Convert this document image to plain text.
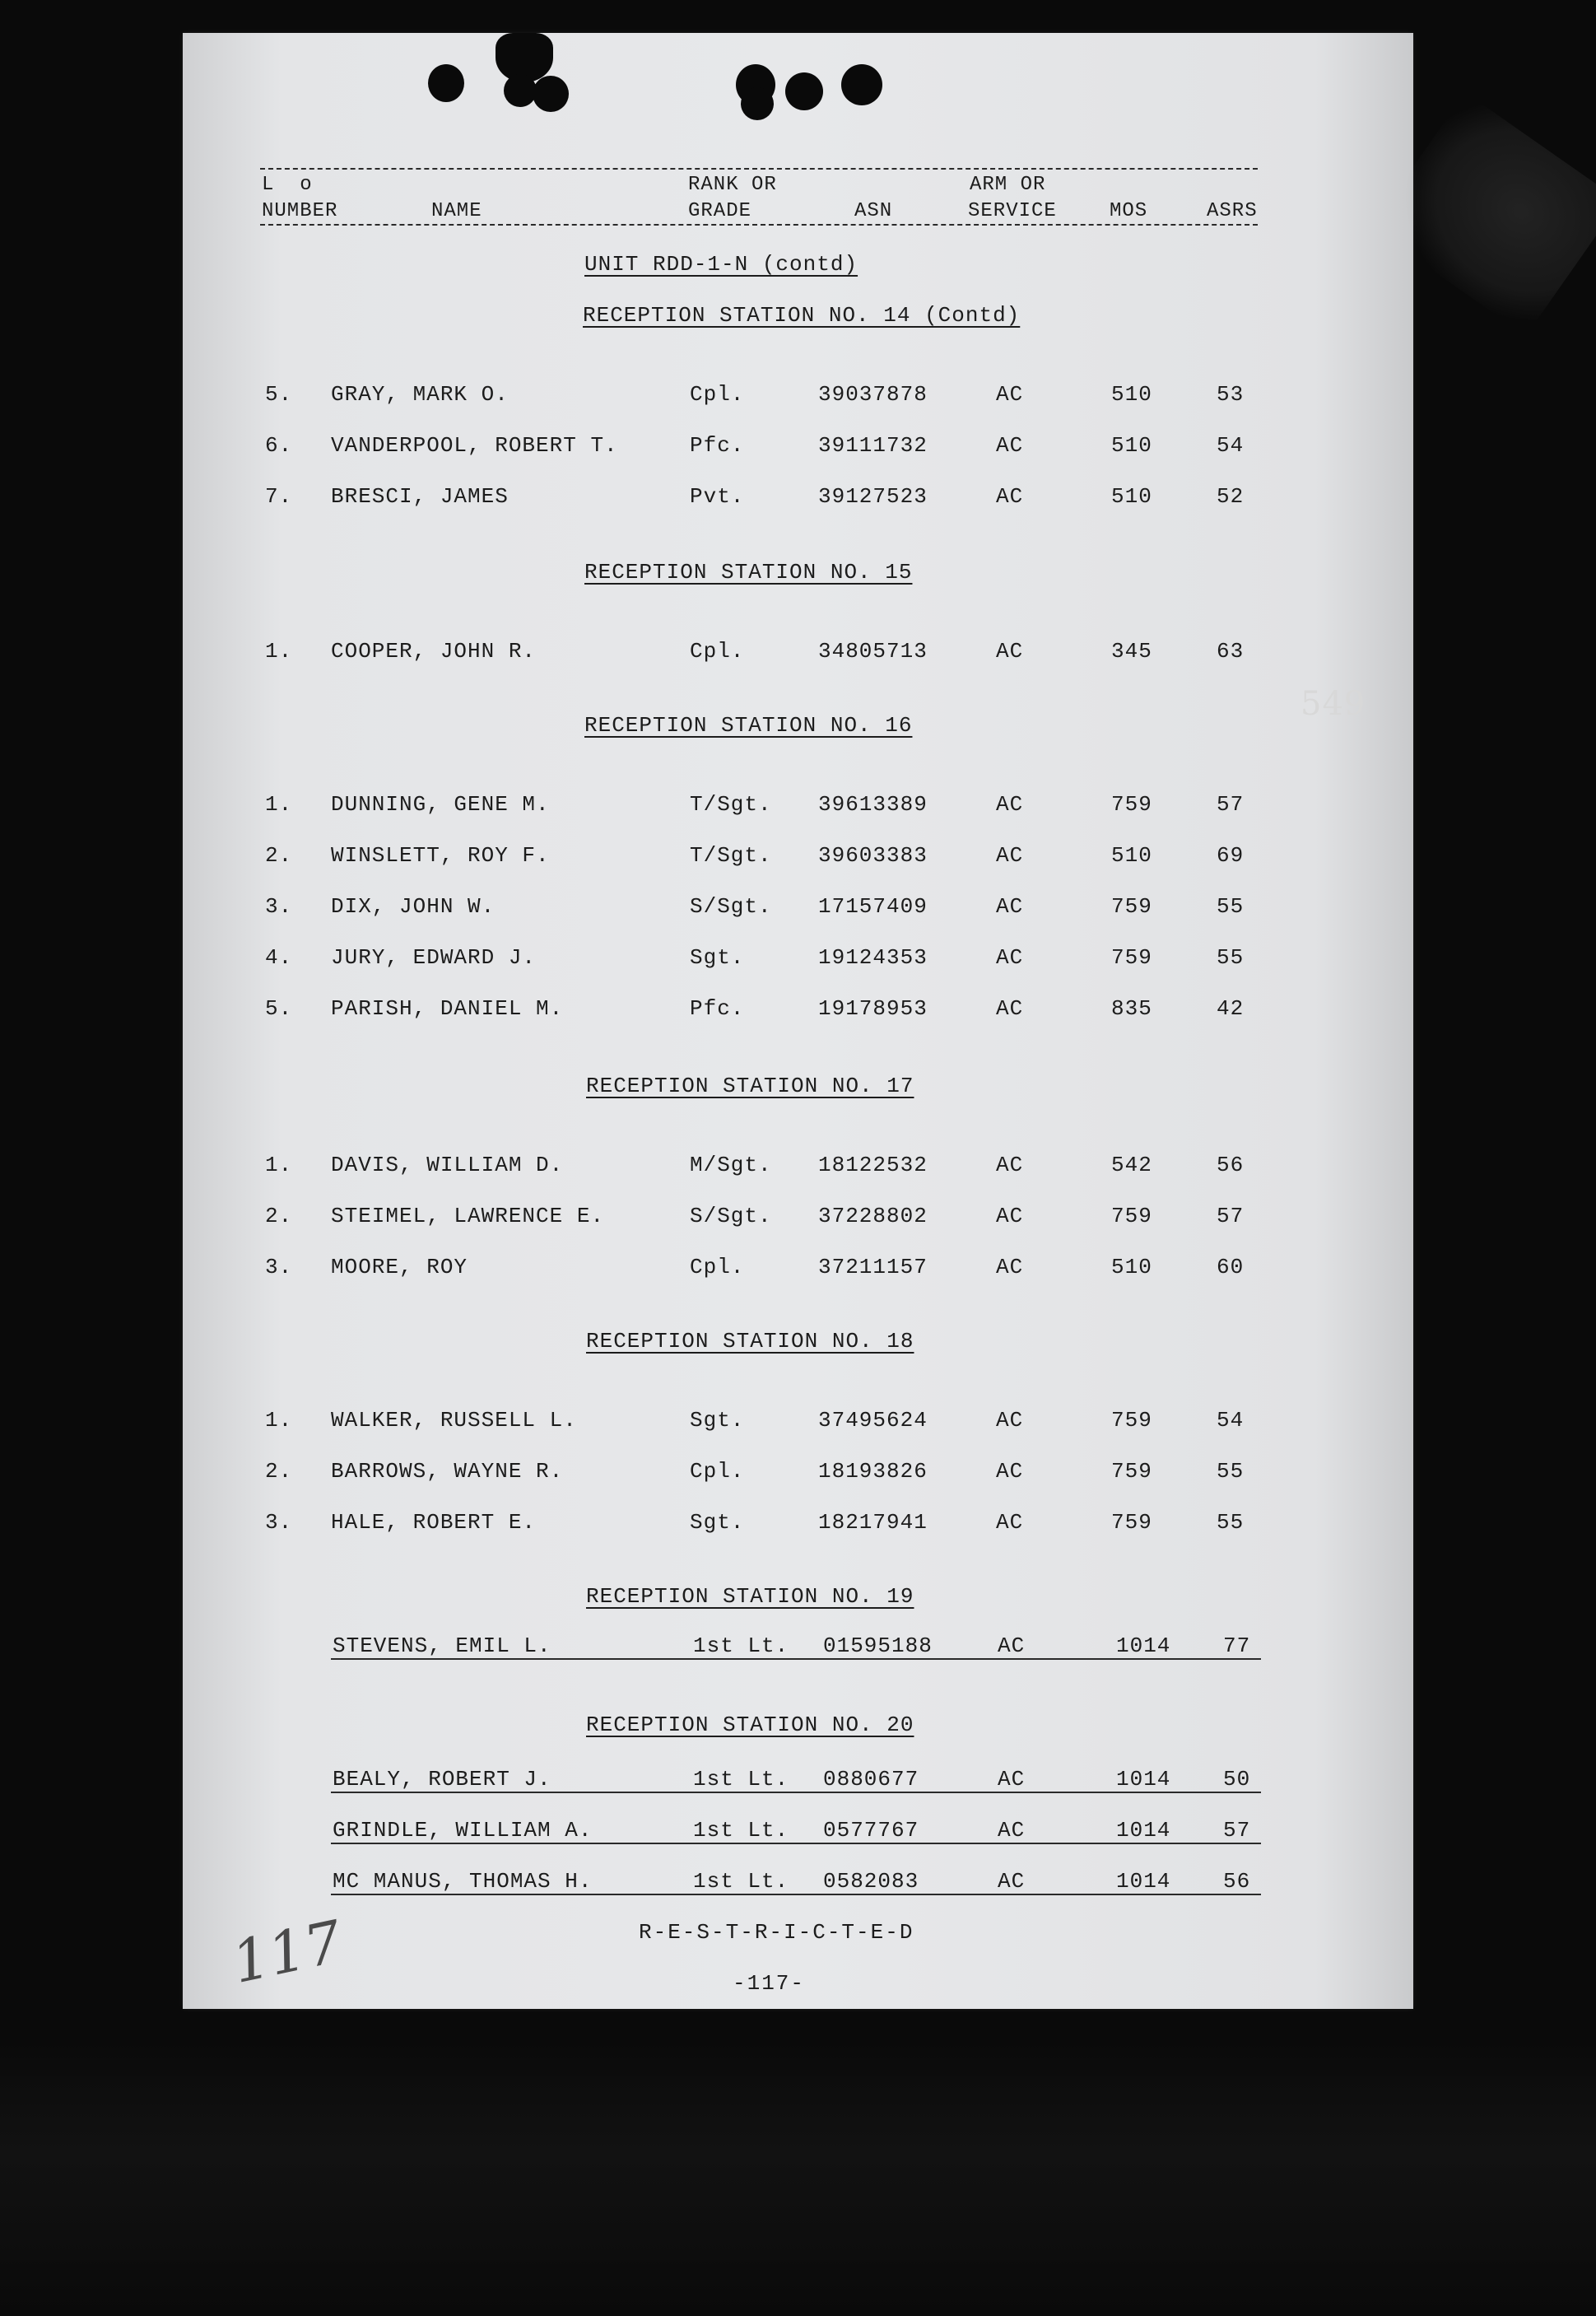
L  o	RANK OR	ARM OR
NUMBER	NAME	GRADE	ASN	SERVICE	MOS	ASRS
UNIT RDD-1-N (contd)
549
117
RECEPTION STATION NO. 14 (Contd)
5. GRAY, MARK O.	Cpl.	39037878	AC	510	53
6. VANDERPOOL, ROBERT T.	Pfc.	39111732	AC	510	54
7. BRESCI, JAMES	Pvt.	39127523	AC	510	52
RECEPTION STATION NO. 15
1. COOPER, JOHN R.	Cpl.	34805713	AC	345	63
RECEPTION STATION NO. 16
1. DUNNING, GENE M.	T/Sgt. 39613389	AC	759	57
2. WINSLETT, ROY F.	T/Sgt. 39603383	AC	510	69
3. DIX, JOHN W.	S/Sgt. 17157409	AC	759	55
4. JURY, EDWARD J.	Sgt.	19124353	AC	759	55
5. PARISH, DANIEL M.	Pfc.	19178953	AC	835	42
RECEPTION STATION NO. 17
1. DAVIS, WILLIAM D.	M/Sgt. 18122532	AC	542	56
2. STEIMEL, LAWRENCE E.	S/Sgt. 37228802	AC	759	57
3. MOORE, ROY	Cpl.	37211157	AC	510	60
RECEPTION STATION NO. 18
1. WALKER, RUSSELL L.	Sgt.	37495624	AC	759	54
2. BARROWS, WAYNE R.	Cpl.	18193826	AC	759	55
3. HALE, ROBERT E.	Sgt.	18217941	AC	759	55
RECEPTION STATION NO. 19
STEVENS, EMIL L.	1st Lt. 01595188	AC	1014 77
RECEPTION STATION NO. 20
BEALY, ROBERT J.	1st Lt. 0880677	AC	1014 50
GRINDLE, WILLIAM A.	1st Lt. 0577767	AC	1014 57
MC MANUS, THOMAS H.	1st Lt. 0582083	AC	1014 56
R-E-S-T-R-I-C-T-E-D
-117-
